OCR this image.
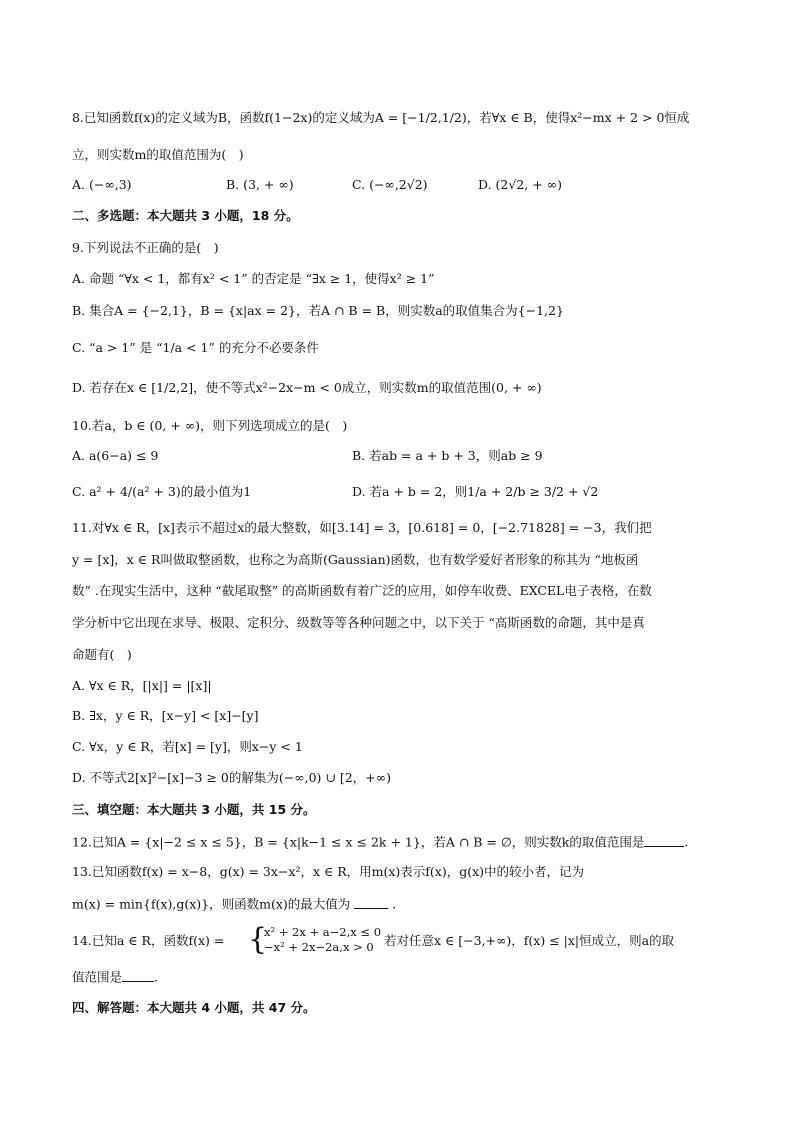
8.已知函数f(x)的定义域为B，函数f(1−2x)的定义域为A = [−1/2,1/2)，若∀x ∈ B，使得x²−mx + 2 > 0恒成
立，则实数m的取值范围为(　)
A. (−∞,3)	B. (3, + ∞)	C. (−∞,2√2)	D. (2√2, + ∞)
二、多选题：本大题共 3 小题，18 分。
9.下列说法不正确的是(　)
A. 命题 “∀x < 1，都有x² < 1” 的否定是 “∃x ≥ 1，使得x² ≥ 1”
B. 集合A = {−2,1}，B = {x|ax = 2}，若A ∩ B = B，则实数a的取值集合为{−1,2}
C. “a > 1” 是 “1/a < 1” 的充分不必要条件
D. 若存在x ∈ [1/2,2]，使不等式x²−2x−m < 0成立，则实数m的取值范围(0, + ∞)
10.若a，b ∈ (0, + ∞)，则下列选项成立的是(　)
A. a(6−a) ≤ 9	B. 若ab = a + b + 3，则ab ≥ 9
C. a² + 4/(a² + 3)的最小值为1	D. 若a + b = 2，则1/a + 2/b ≥ 3/2 + √2
11.对∀x ∈ R，[x]表示不超过x的最大整数，如[3.14] = 3，[0.618] = 0，[−2.71828] = −3，我们把
y = [x]，x ∈ R叫做取整函数，也称之为高斯(Gaussian)函数，也有数学爱好者形象的称其为 “地板函
数” .在现实生活中，这种 “截尾取整” 的高斯函数有着广泛的应用，如停车收费、EXCEL电子表格，在数
学分析中它出现在求导、极限、定积分、级数等等各种问题之中，以下关于 “高斯函数的命题，其中是真
命题有(　)
A. ∀x ∈ R，[|x|] = |[x]|
B. ∃x，y ∈ R，[x−y] < [x]−[y]
C. ∀x，y ∈ R，若[x] = [y]，则x−y < 1
D. 不等式2[x]²−[x]−3 ≥ 0的解集为(−∞,0) ∪ [2，+∞)
三、填空题：本大题共 3 小题，共 15 分。
12.已知A = {x|−2 ≤ x ≤ 5}，B = {x|k−1 ≤ x ≤ 2k + 1}，若A ∩ B = ∅，则实数k的取值范围是	.
13.已知函数f(x) = x−8，g(x) = 3x−x²，x ∈ R，用m(x)表示f(x)，g(x)中的较小者，记为
m(x) = min{f(x),g(x)}，则函数m(x)的最大值为	.
14.已知a ∈ R，函数f(x) = {
x² + 2x + a−2,x ≤ 0
−x² + 2x−2a,x > 0 若对任意x ∈ [−3,+∞)，f(x) ≤ |x|恒成立，则a的取
值范围是	.
四、解答题：本大题共 4 小题，共 47 分。
